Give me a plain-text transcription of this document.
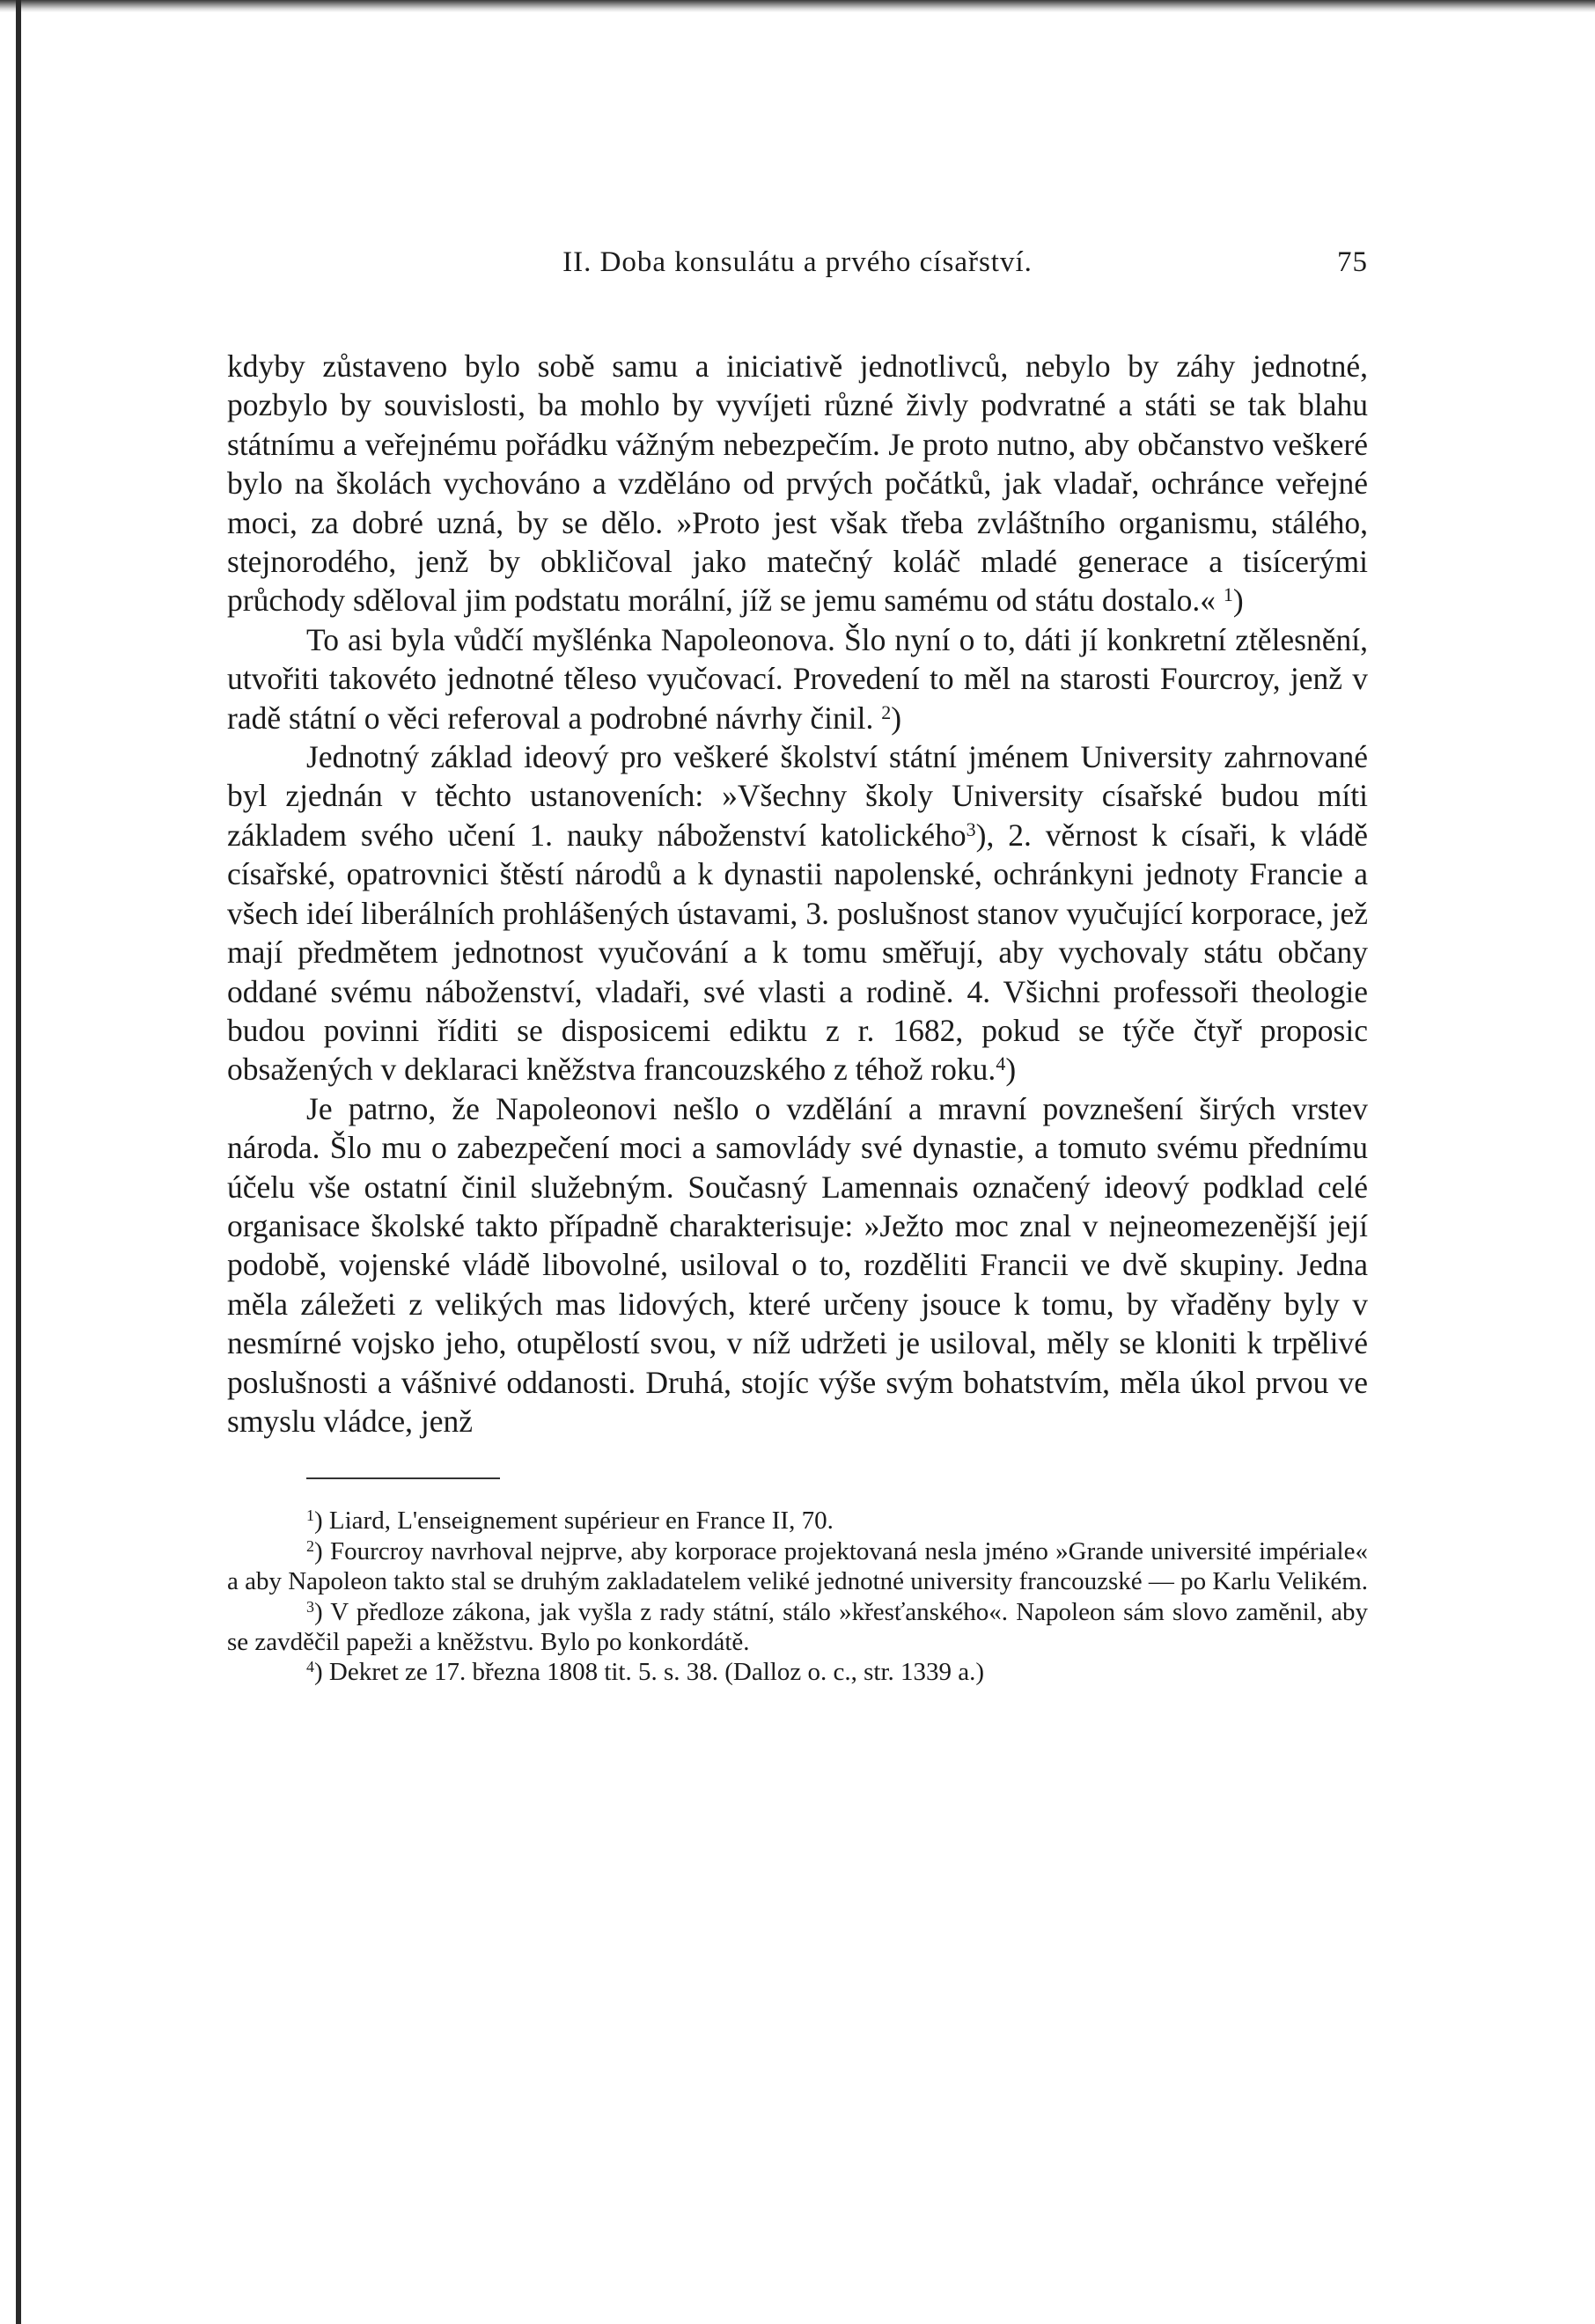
II. Doba konsulátu a prvého císařství.	75

kdyby zůstaveno bylo sobě samu a iniciativě jednotlivců, nebylo by záhy jednotné, pozbylo by souvislosti, ba mohlo by vyvíjeti různé živly podvratné a státi se tak blahu státnímu a veřejnému pořádku vážným nebezpečím. Je proto nutno, aby občanstvo veškeré bylo na školách vychováno a vzděláno od prvých počátků, jak vladař, ochránce veřejné moci, za dobré uzná, by se dělo. »Proto jest však třeba zvláštního organismu, stálého, stejnorodého, jenž by obkličoval jako matečný koláč mladé generace a tisícerými průchody sděloval jim podstatu morální, jíž se jemu samému od státu dostalo.« $^1$)

To asi byla vůdčí myšlénka Napoleonova. Šlo nyní o to, dáti jí konkretní ztělesnění, utvořiti takovéto jednotné těleso vyučovací. Provedení to měl na starosti Fourcroy, jenž v radě státní o věci referoval a podrobné návrhy činil. $^2$)

Jednotný základ ideový pro veškeré školství státní jménem University zahrnované byl zjednán v těchto ustanoveních: »Všechny školy University císařské budou míti základem svého učení 1. nauky náboženství katolického$^3$), 2. věrnost k císaři, k vládě císařské, opatrovnici štěstí národů a k dynastii napolenské, ochránkyni jednoty Francie a všech ideí liberálních prohlášených ústavami, 3. poslušnost stanov vyučující korporace, jež mají předmětem jednotnost vyučování a k tomu směřují, aby vychovaly státu občany oddané svému náboženství, vladaři, své vlasti a rodině. 4. Všichni professoři theologie budou povinni říditi se disposicemi ediktu z r. 1682, pokud se týče čtyř proposic obsažených v deklaraci kněžstva francouzského z téhož roku.$^4$)

Je patrno, že Napoleonovi nešlo o vzdělání a mravní povznešení širých vrstev národa. Šlo mu o zabezpečení moci a samovlády své dynastie, a tomuto svému přednímu účelu vše ostatní činil služebným. Současný Lamennais označený ideový podklad celé organisace školské takto případně charakterisuje: »Ježto moc znal v nejneomezenější její podobě, vojenské vládě libovolné, usiloval o to, rozděliti Francii ve dvě skupiny. Jedna měla záležeti z velikých mas lidových, které určeny jsouce k tomu, by vřaděny byly v nesmírné vojsko jeho, otupělostí svou, v níž udržeti je usiloval, měly se kloniti k trpělivé poslušnosti a vášnivé oddanosti. Druhá, stojíc výše svým bohatstvím, měla úkol prvou ve smyslu vládce, jenž

$^1$) Liard, L'enseignement supérieur en France II, 70.

$^2$) Fourcroy navrhoval nejprve, aby korporace projektovaná nesla jméno »Grande université impériale« a aby Napoleon takto stal se druhým zakladatelem veliké jednotné university francouzské — po Karlu Velikém.

$^3$) V předloze zákona, jak vyšla z rady státní, stálo »křesťanského«. Napoleon sám slovo zaměnil, aby se zavděčil papeži a kněžstvu. Bylo po konkordátě.

$^4$) Dekret ze 17. března 1808 tit. 5. s. 38. (Dalloz o. c., str. 1339 a.)
